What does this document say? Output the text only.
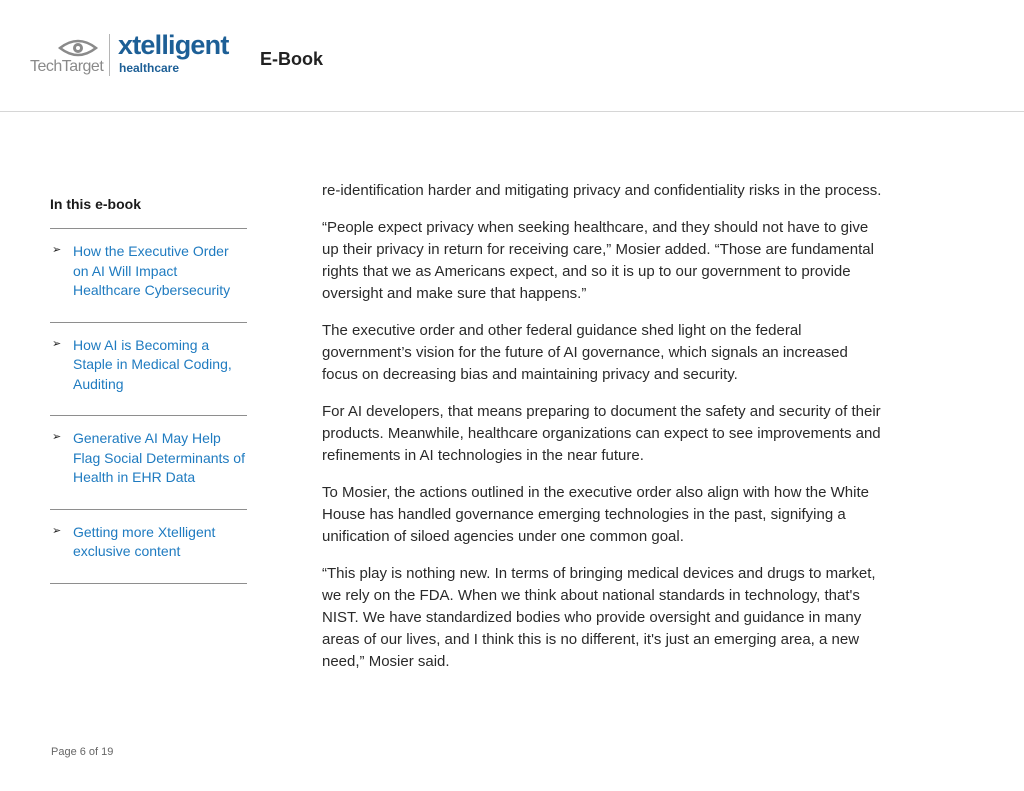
TechTarget
xtelligent
healthcare	E-Book
In this e-book
➢ How the Executive Order on AI Will Impact Healthcare Cybersecurity
➢ How AI is Becoming a Staple in Medical Coding, Auditing
➢ Generative AI May Help Flag Social Determinants of Health in EHR Data
➢ Getting more Xtelligent exclusive content

re-identification harder and mitigating privacy and confidentiality risks in the process.

“People expect privacy when seeking healthcare, and they should not have to give up their privacy in return for receiving care,” Mosier added. “Those are fundamental rights that we as Americans expect, and so it is up to our government to provide oversight and make sure that happens.”

The executive order and other federal guidance shed light on the federal government’s vision for the future of AI governance, which signals an increased focus on decreasing bias and maintaining privacy and security.

For AI developers, that means preparing to document the safety and security of their products. Meanwhile, healthcare organizations can expect to see improvements and refinements in AI technologies in the near future.

To Mosier, the actions outlined in the executive order also align with how the White House has handled governance emerging technologies in the past, signifying a unification of siloed agencies under one common goal.

“This play is nothing new. In terms of bringing medical devices and drugs to market, we rely on the FDA. When we think about national standards in technology, that's NIST. We have standardized bodies who provide oversight and guidance in many areas of our lives, and I think this is no different, it's just an emerging area, a new need,” Mosier said.

Page 6 of 19
